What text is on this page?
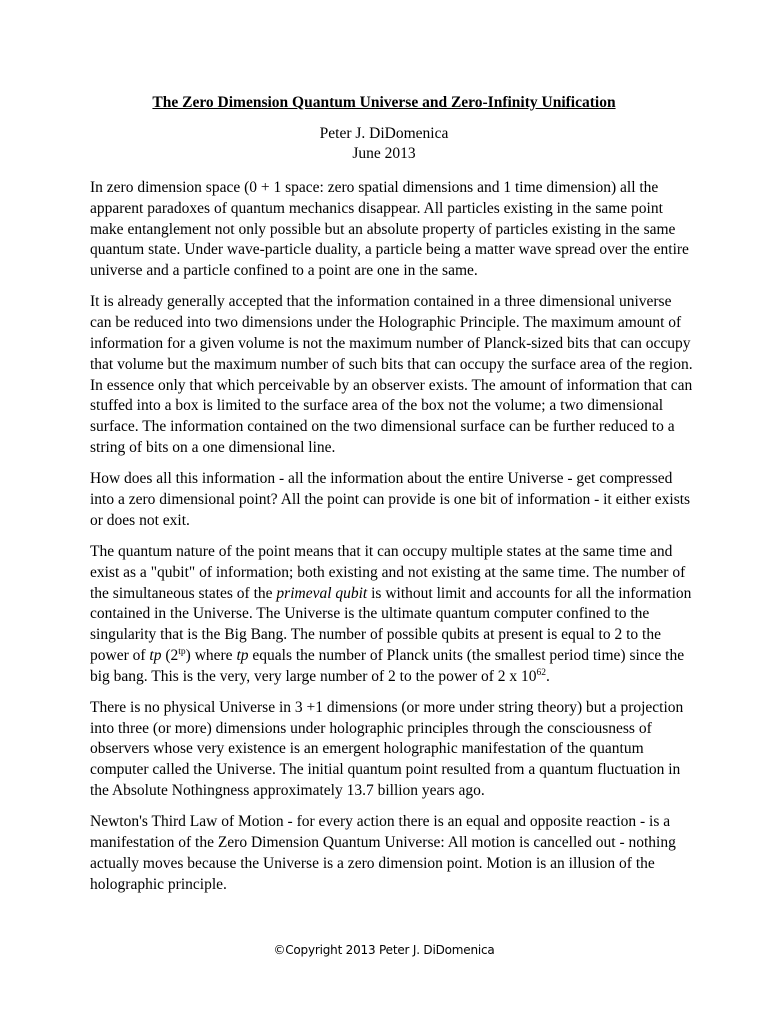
The Zero Dimension Quantum Universe and Zero-Infinity Unification
Peter J. DiDomenica
June 2013

In zero dimension space (0 + 1 space: zero spatial dimensions and 1 time dimension) all the
apparent paradoxes of quantum mechanics disappear. All particles existing in the same point
make entanglement not only possible but an absolute property of particles existing in the same
quantum state. Under wave-particle duality, a particle being a matter wave spread over the entire
universe and a particle confined to a point are one in the same.

It is already generally accepted that the information contained in a three dimensional universe
can be reduced into two dimensions under the Holographic Principle. The maximum amount of
information for a given volume is not the maximum number of Planck-sized bits that can occupy
that volume but the maximum number of such bits that can occupy the surface area of the region.
In essence only that which perceivable by an observer exists. The amount of information that can
stuffed into a box is limited to the surface area of the box not the volume; a two dimensional
surface. The information contained on the two dimensional surface can be further reduced to a
string of bits on a one dimensional line.

How does all this information - all the information about the entire Universe - get compressed
into a zero dimensional point? All the point can provide is one bit of information - it either exists
or does not exit.

The quantum nature of the point means that it can occupy multiple states at the same time and
exist as a "qubit" of information; both existing and not existing at the same time. The number of
the simultaneous states of the primeval qubit is without limit and accounts for all the information
contained in the Universe. The Universe is the ultimate quantum computer confined to the
singularity that is the Big Bang. The number of possible qubits at present is equal to 2 to the
power of tp $(2^{tp})$ where tp equals the number of Planck units (the smallest period time) since the
big bang. This is the very, very large number of 2 to the power of 2 x $10^{62}$.

There is no physical Universe in 3 +1 dimensions (or more under string theory) but a projection
into three (or more) dimensions under holographic principles through the consciousness of
observers whose very existence is an emergent holographic manifestation of the quantum
computer called the Universe. The initial quantum point resulted from a quantum fluctuation in
the Absolute Nothingness approximately 13.7 billion years ago.

Newton's Third Law of Motion - for every action there is an equal and opposite reaction - is a
manifestation of the Zero Dimension Quantum Universe: All motion is cancelled out - nothing
actually moves because the Universe is a zero dimension point. Motion is an illusion of the
holographic principle.

©Copyright 2013 Peter J. DiDomenica
